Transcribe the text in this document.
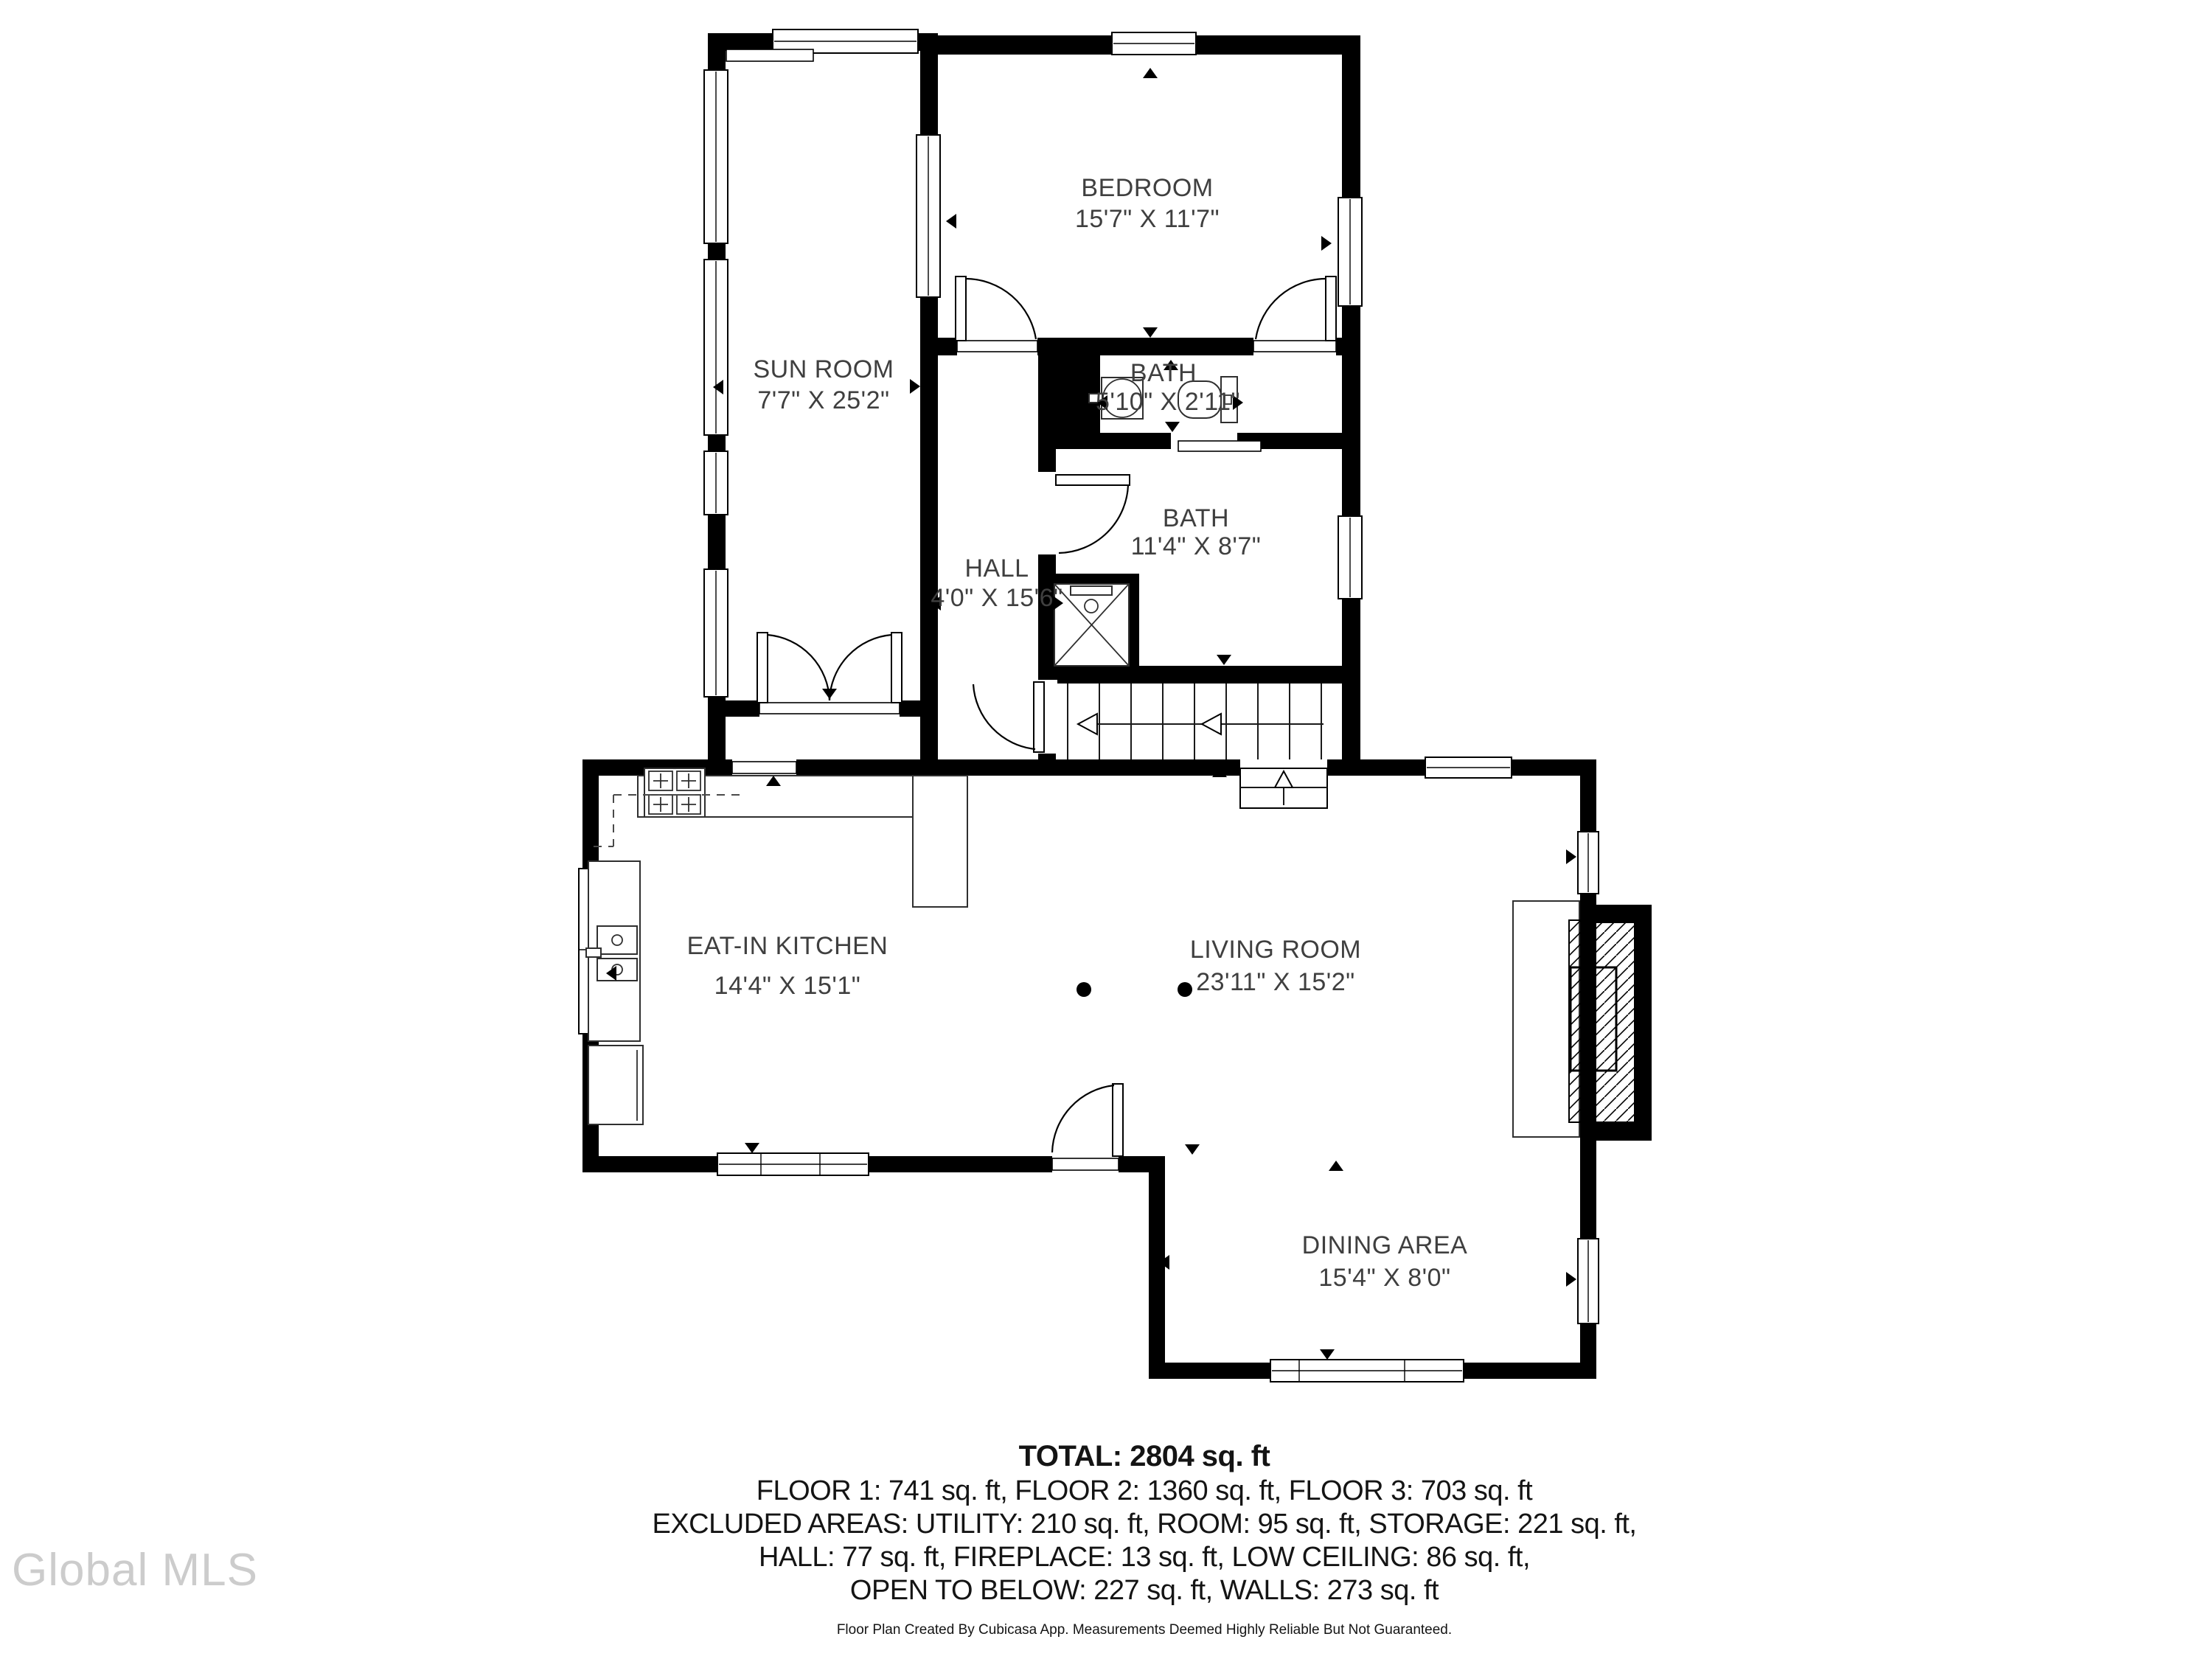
SUN ROOM
7'7" X 25'2"
BEDROOM
15'7" X 11'7"
BATH
5'10" X 2'11"
HALL
4'0" X 15'6"
BATH
11'4" X 8'7"
EAT-IN KITCHEN
14'4" X 15'1"
LIVING ROOM
23'11" X 15'2"
DINING AREA
15'4" X 8'0"
TOTAL: 2804 sq. ft
FLOOR 1: 741 sq. ft, FLOOR 2: 1360 sq. ft, FLOOR 3: 703 sq. ft
EXCLUDED AREAS: UTILITY: 210 sq. ft, ROOM: 95 sq. ft, STORAGE: 221 sq. ft,
HALL: 77 sq. ft, FIREPLACE: 13 sq. ft, LOW CEILING: 86 sq. ft,
OPEN TO BELOW: 227 sq. ft, WALLS: 273 sq. ft
Floor Plan Created By Cubicasa App. Measurements Deemed Highly Reliable But Not Guaranteed.
Global MLS
